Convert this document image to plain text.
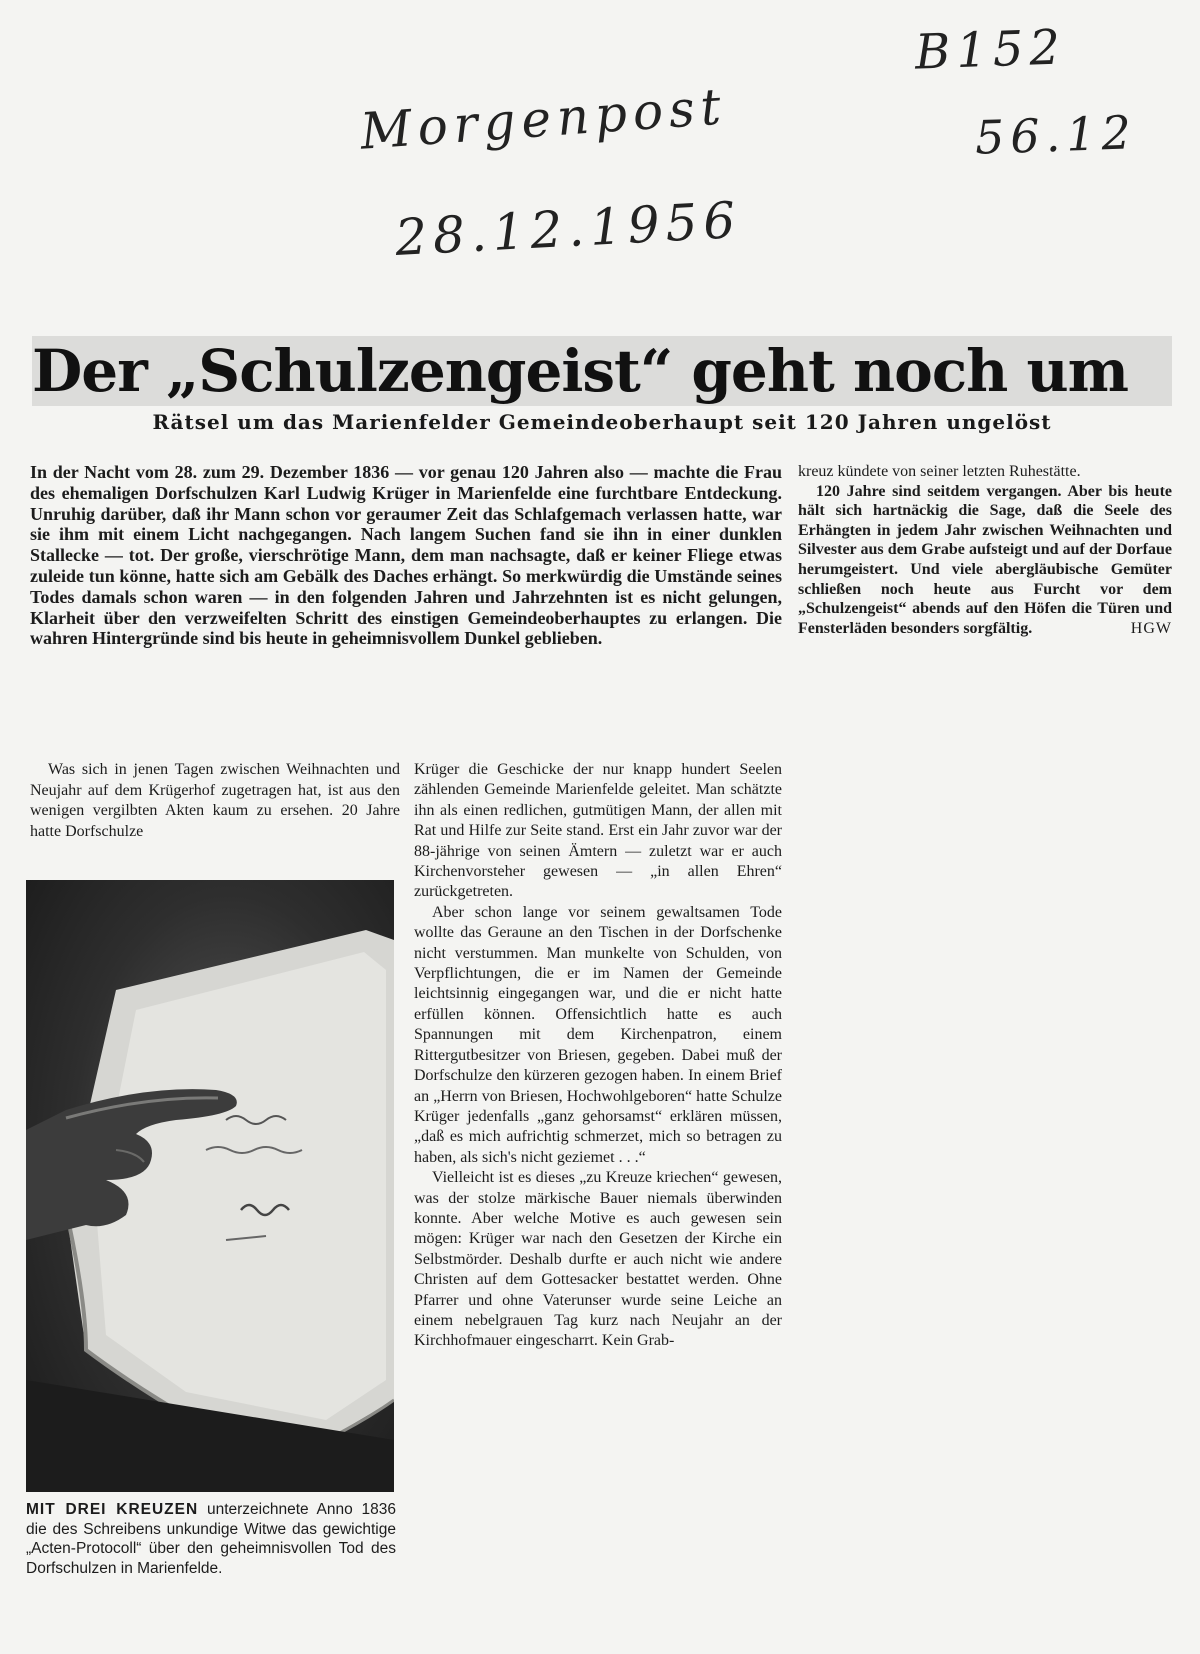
Morgenpost
28.12.1956
B152
56.12
Der „Schulzengeist“ geht noch um
Rätsel um das Marienfelder Gemeindeoberhaupt seit 120 Jahren ungelöst

In der Nacht vom 28. zum 29. Dezember 1836 — vor genau 120 Jahren also — machte die Frau des ehemaligen Dorfschulzen Karl Ludwig Krüger in Marienfelde eine furchtbare Entdeckung. Unruhig darüber, daß ihr Mann schon vor geraumer Zeit das Schlafgemach verlassen hatte, war sie ihm mit einem Licht nachgegangen. Nach langem Suchen fand sie ihn in einer dunklen Stallecke — tot. Der große, vierschrötige Mann, dem man nachsagte, daß er keiner Fliege etwas zuleide tun könne, hatte sich am Gebälk des Daches erhängt. So merkwürdig die Umstände seines Todes damals schon waren — in den folgenden Jahren und Jahrzehnten ist es nicht gelungen, Klarheit über den verzweifelten Schritt des einstigen Gemeindeoberhauptes zu erlangen. Die wahren Hintergründe sind bis heute in geheimnisvollem Dunkel geblieben.

Was sich in jenen Tagen zwischen Weihnachten und Neujahr auf dem Krügerhof zugetragen hat, ist aus den wenigen vergilbten Akten kaum zu ersehen. 20 Jahre hatte Dorfschulze

MIT DREI KREUZEN unterzeichnete Anno 1836 die des Schreibens unkundige Witwe das gewichtige „Acten-Protocoll“ über den geheimnisvollen Tod des Dorfschulzen in Marienfelde.

Krüger die Geschicke der nur knapp hundert Seelen zählenden Gemeinde Marienfelde geleitet. Man schätzte ihn als einen redlichen, gutmütigen Mann, der allen mit Rat und Hilfe zur Seite stand. Erst ein Jahr zuvor war der 88-jährige von seinen Ämtern — zuletzt war er auch Kirchenvorsteher gewesen — „in allen Ehren“ zurückgetreten.

Aber schon lange vor seinem gewaltsamen Tode wollte das Geraune an den Tischen in der Dorfschenke nicht verstummen. Man munkelte von Schulden, von Verpflichtungen, die er im Namen der Gemeinde leichtsinnig eingegangen war, und die er nicht hatte erfüllen können. Offensichtlich hatte es auch Spannungen mit dem Kirchenpatron, einem Rittergutbesitzer von Briesen, gegeben. Dabei muß der Dorfschulze den kürzeren gezogen haben. In einem Brief an „Herrn von Briesen, Hochwohlgeboren“ hatte Schulze Krüger jedenfalls „ganz gehorsamst“ erklären müssen, „daß es mich aufrichtig schmerzet, mich so betragen zu haben, als sich's nicht geziemet . . .“

Vielleicht ist es dieses „zu Kreuze kriechen“ gewesen, was der stolze märkische Bauer niemals überwinden konnte. Aber welche Motive es auch gewesen sein mögen: Krüger war nach den Gesetzen der Kirche ein Selbstmörder. Deshalb durfte er auch nicht wie andere Christen auf dem Gottesacker bestattet werden. Ohne Pfarrer und ohne Vaterunser wurde seine Leiche an einem nebelgrauen Tag kurz nach Neujahr an der Kirchhofmauer eingescharrt. Kein Grab-

kreuz kündete von seiner letzten Ruhestätte.

120 Jahre sind seitdem vergangen. Aber bis heute hält sich hartnäckig die Sage, daß die Seele des Erhängten in jedem Jahr zwischen Weihnachten und Silvester aus dem Grabe aufsteigt und auf der Dorfaue herumgeistert. Und viele abergläubische Gemüter schließen noch heute aus Furcht vor dem „Schulzengeist“ abends auf den Höfen die Türen und Fensterläden besonders sorgfältig.	HGW
